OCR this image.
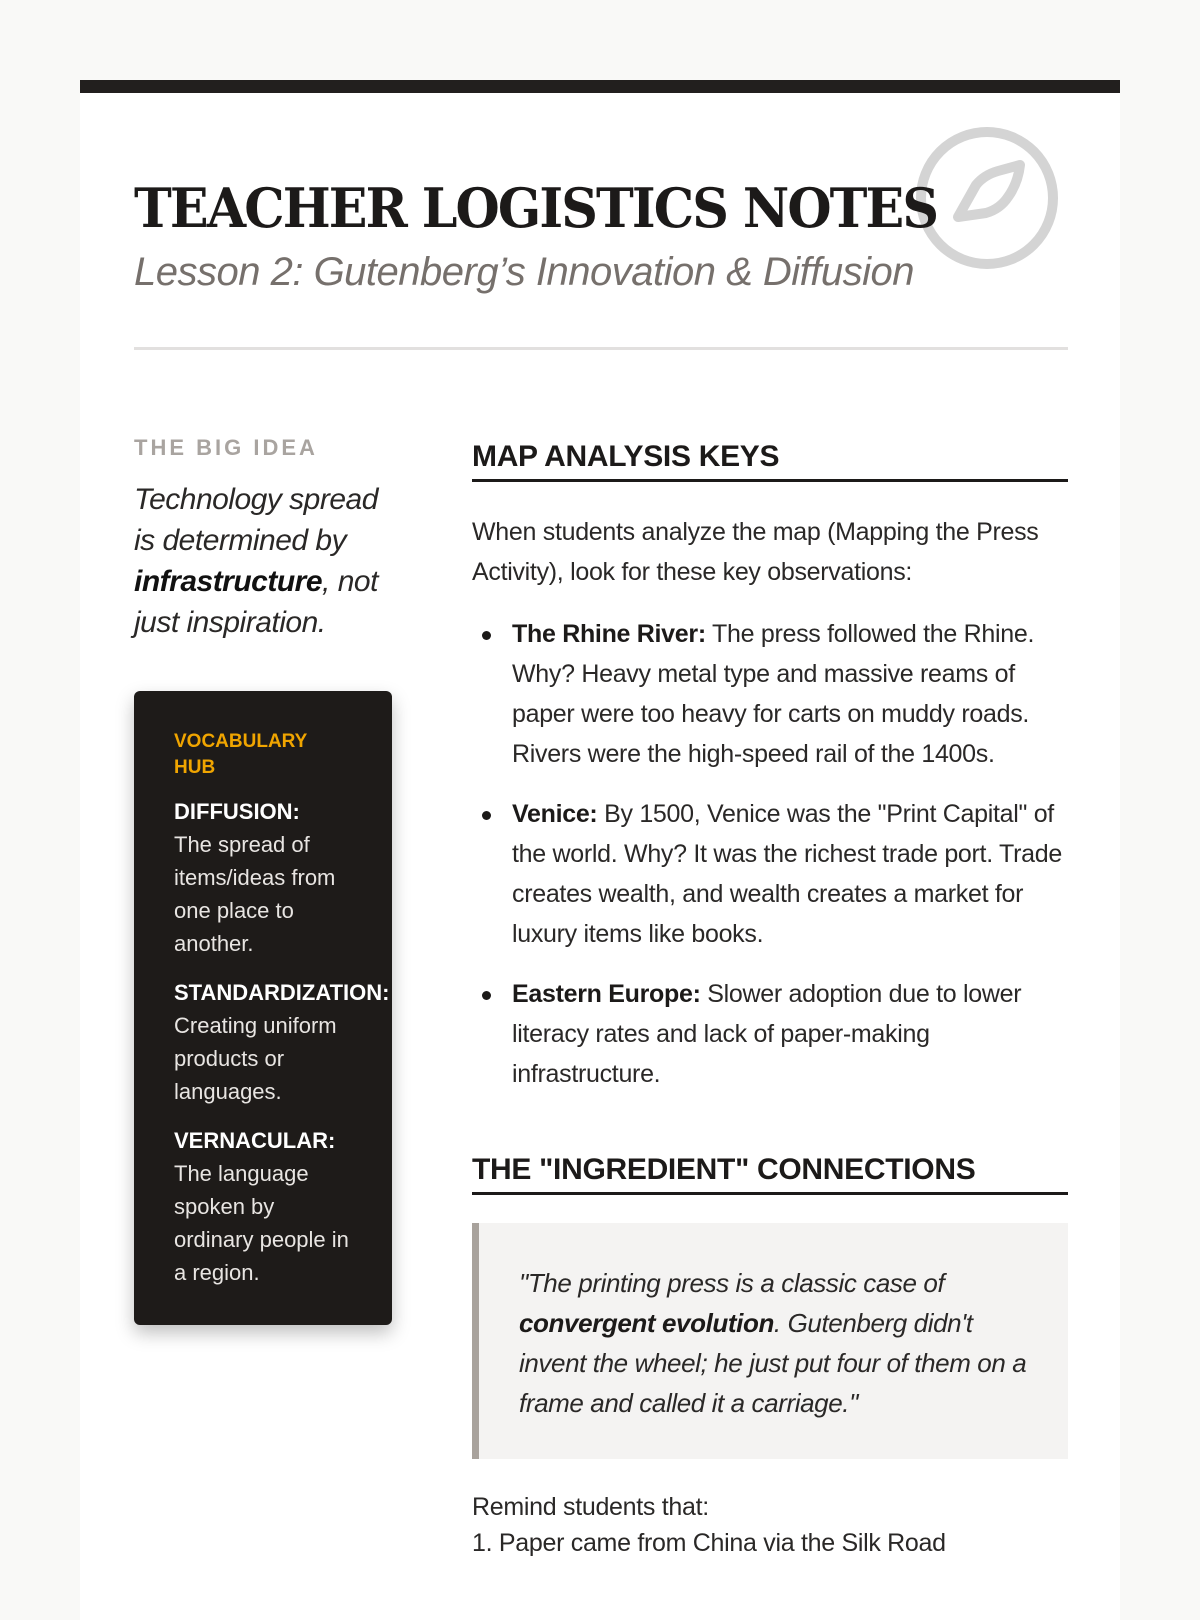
TEACHER LOGISTICS NOTES
Lesson 2: Gutenberg’s Innovation & Diffusion
THE BIG IDEA
Technology spread is determined by infrastructure, not just inspiration.
VOCABULARY HUB
DIFFUSION:
The spread of items/ideas from one place to another.
STANDARDIZATION:
Creating uniform products or languages.
VERNACULAR:
The language spoken by ordinary people in a region.
MAP ANALYSIS KEYS

When students analyze the map (Mapping the Press Activity), look for these key observations:

The Rhine River: The press followed the Rhine. Why? Heavy metal type and massive reams of paper were too heavy for carts on muddy roads. Rivers were the high-speed rail of the 1400s.
Venice: By 1500, Venice was the "Print Capital" of the world. Why? It was the richest trade port. Trade creates wealth, and wealth creates a market for luxury items like books.
Eastern Europe: Slower adoption due to lower literacy rates and lack of paper-making infrastructure.
THE "INGREDIENT" CONNECTIONS
"The printing press is a classic case of convergent evolution. Gutenberg didn't invent the wheel; he just put four of them on a frame and called it a carriage."
Remind students that:
1. Paper came from China via the Silk Road
